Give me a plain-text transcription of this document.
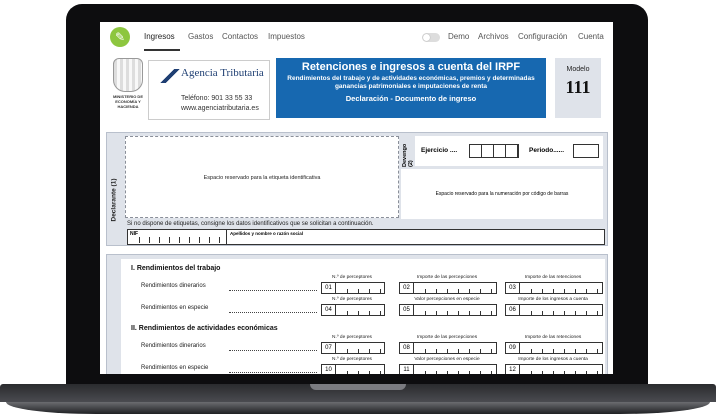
✎	Ingresos Gastos Contactos Impuestos	Demo Archivos Configuración Cuenta
MINISTERIO DE ECONOMÍA Y HACIENDA
Agencia Tributaria
Teléfono: 901 33 55 33
www.agenciatributaria.es
Retenciones e ingresos a cuenta del IRPF
Rendimientos del trabajo y de actividades económicas, premios y determinadas ganancias patrimoniales e imputaciones de renta
Declaración - Documento de ingreso
Modelo
111
Declarante (1)
Espacio reservado para la etiqueta identificativa
Devengo (2)
Ejercicio ....	Periodo......
Espacio reservado para la numeración por código de barras
Si no dispone de etiquetas, consigne los datos identificativos que se solicitan a continuación.
NIF	Apellidos y nombre o razón social
I. Rendimientos del trabajo
N.º de perceptores	Importe de las percepciones	Importe de las retenciones
Rendimientos dinerarios	01	02	03
N.º de perceptores	Valor percepciones en especie	Importe de los ingresos a cuenta
Rendimientos en especie	04	05	06
II. Rendimientos de actividades económicas
N.º de perceptores	Importe de las percepciones	Importe de las retenciones
Rendimientos dinerarios	07	08	09
N.º de perceptores	Valor percepciones en especie	Importe de los ingresos a cuenta
Rendimientos en especie	10	11	12
